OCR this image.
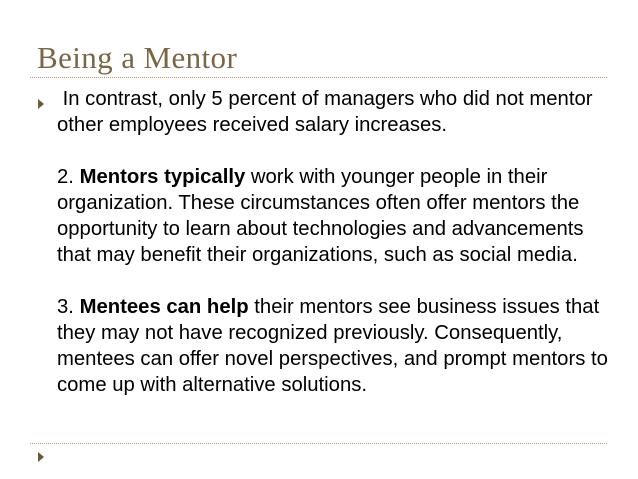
Being a Mentor

In contrast, only 5 percent of managers who did not mentor other employees received salary increases.

2. Mentors typically work with younger people in their organization. These circumstances often offer mentors the opportunity to learn about technologies and advancements that may benefit their organizations, such as social media.

3. Mentees can help their mentors see business issues that they may not have recognized previously. Consequently, mentees can offer novel perspectives, and prompt mentors to come up with alternative solutions.
